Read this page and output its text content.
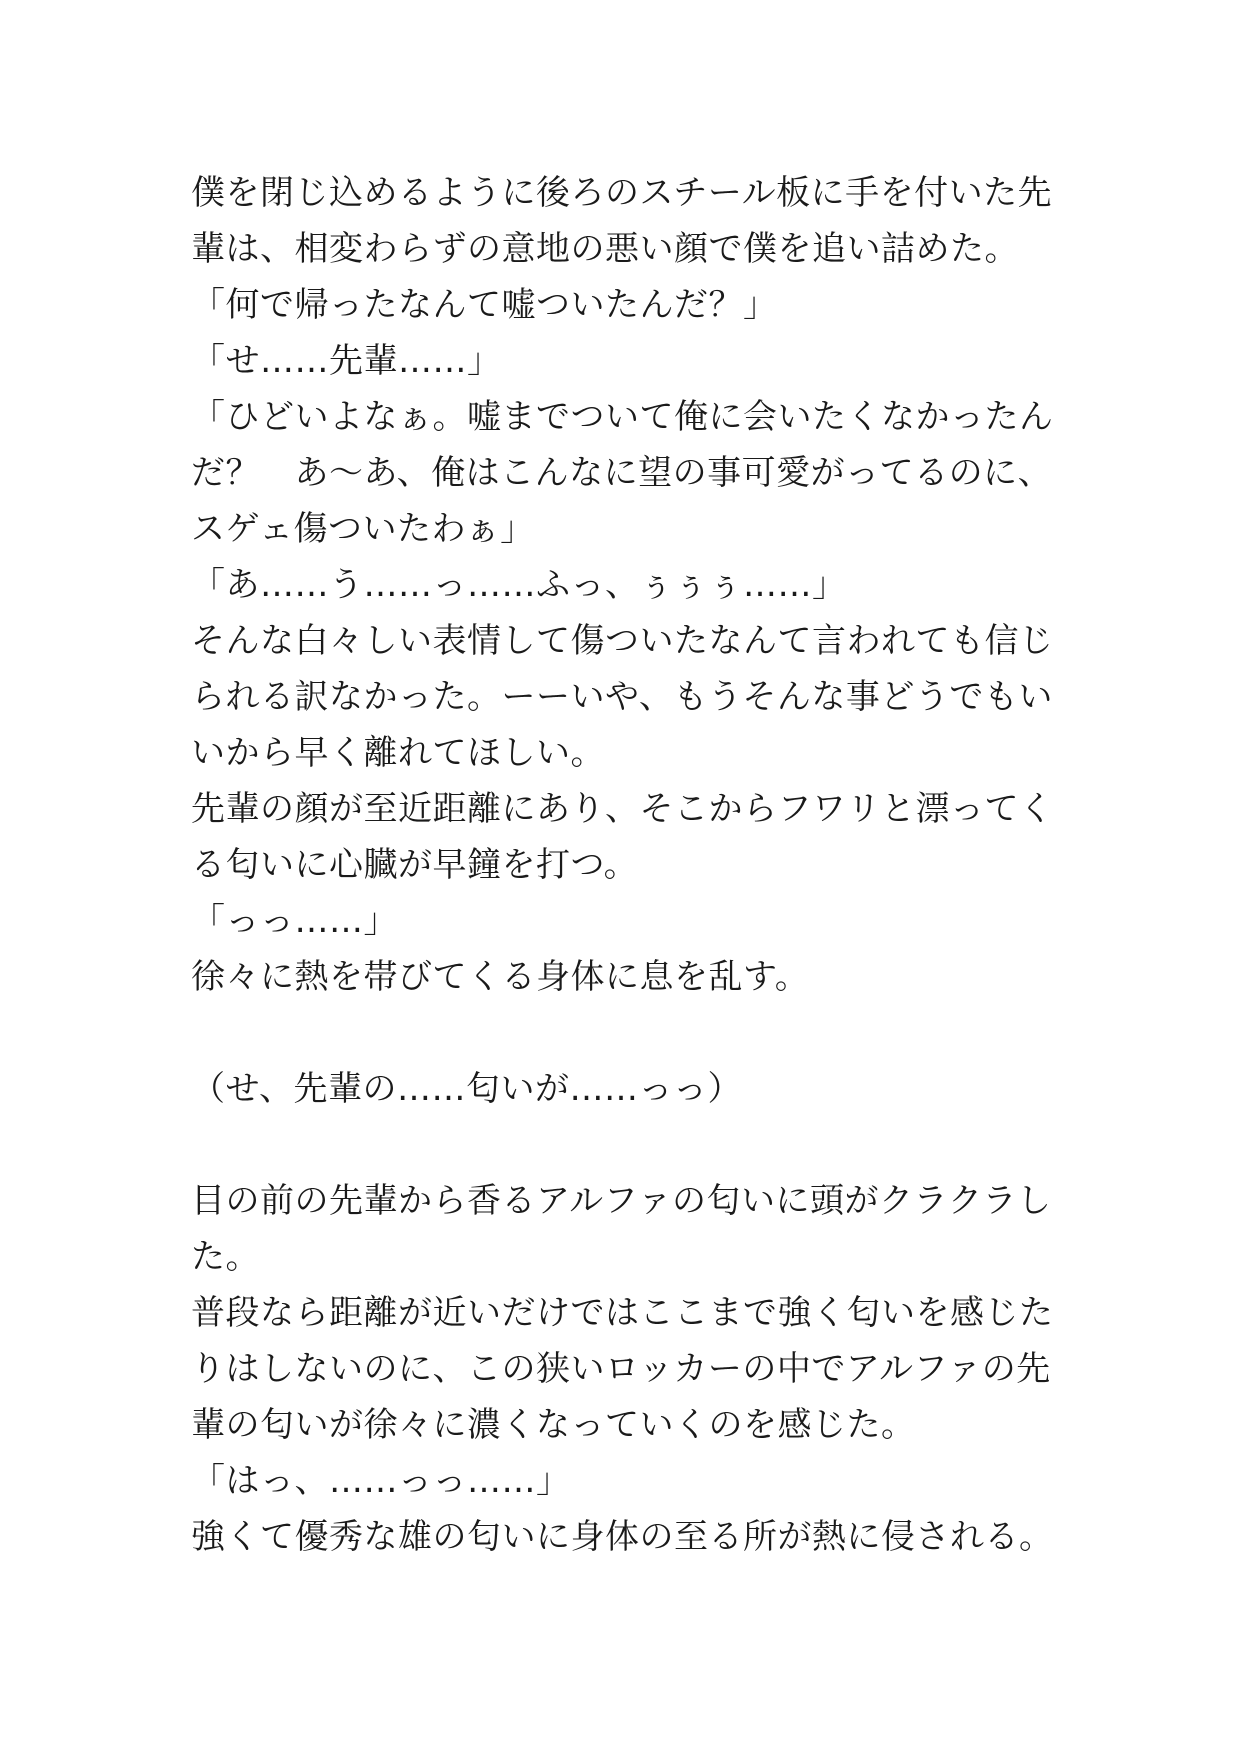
僕を閉じ込めるように後ろのスチール板に手を付いた先
輩は、相変わらずの意地の悪い顔で僕を追い詰めた。
「何で帰ったなんて嘘ついたんだ？」
「せ……先輩……」
「ひどいよなぁ。嘘までついて俺に会いたくなかったん
だ？　あ〜あ、俺はこんなに望の事可愛がってるのに、
スゲェ傷ついたわぁ」
「あ……う……っ……ふっ、ぅぅぅ……」
そんな白々しい表情して傷ついたなんて言われても信じ
られる訳なかった。ーーいや、もうそんな事どうでもい
いから早く離れてほしい。
先輩の顔が至近距離にあり、そこからフワリと漂ってく
る匂いに心臓が早鐘を打つ。
「っっ……」
徐々に熱を帯びてくる身体に息を乱す。
（せ、先輩の……匂いが……っっ）
目の前の先輩から香るアルファの匂いに頭がクラクラし
た。
普段なら距離が近いだけではここまで強く匂いを感じた
りはしないのに、この狭いロッカーの中でアルファの先
輩の匂いが徐々に濃くなっていくのを感じた。
「はっ、……っっ……」
強くて優秀な雄の匂いに身体の至る所が熱に侵される。
